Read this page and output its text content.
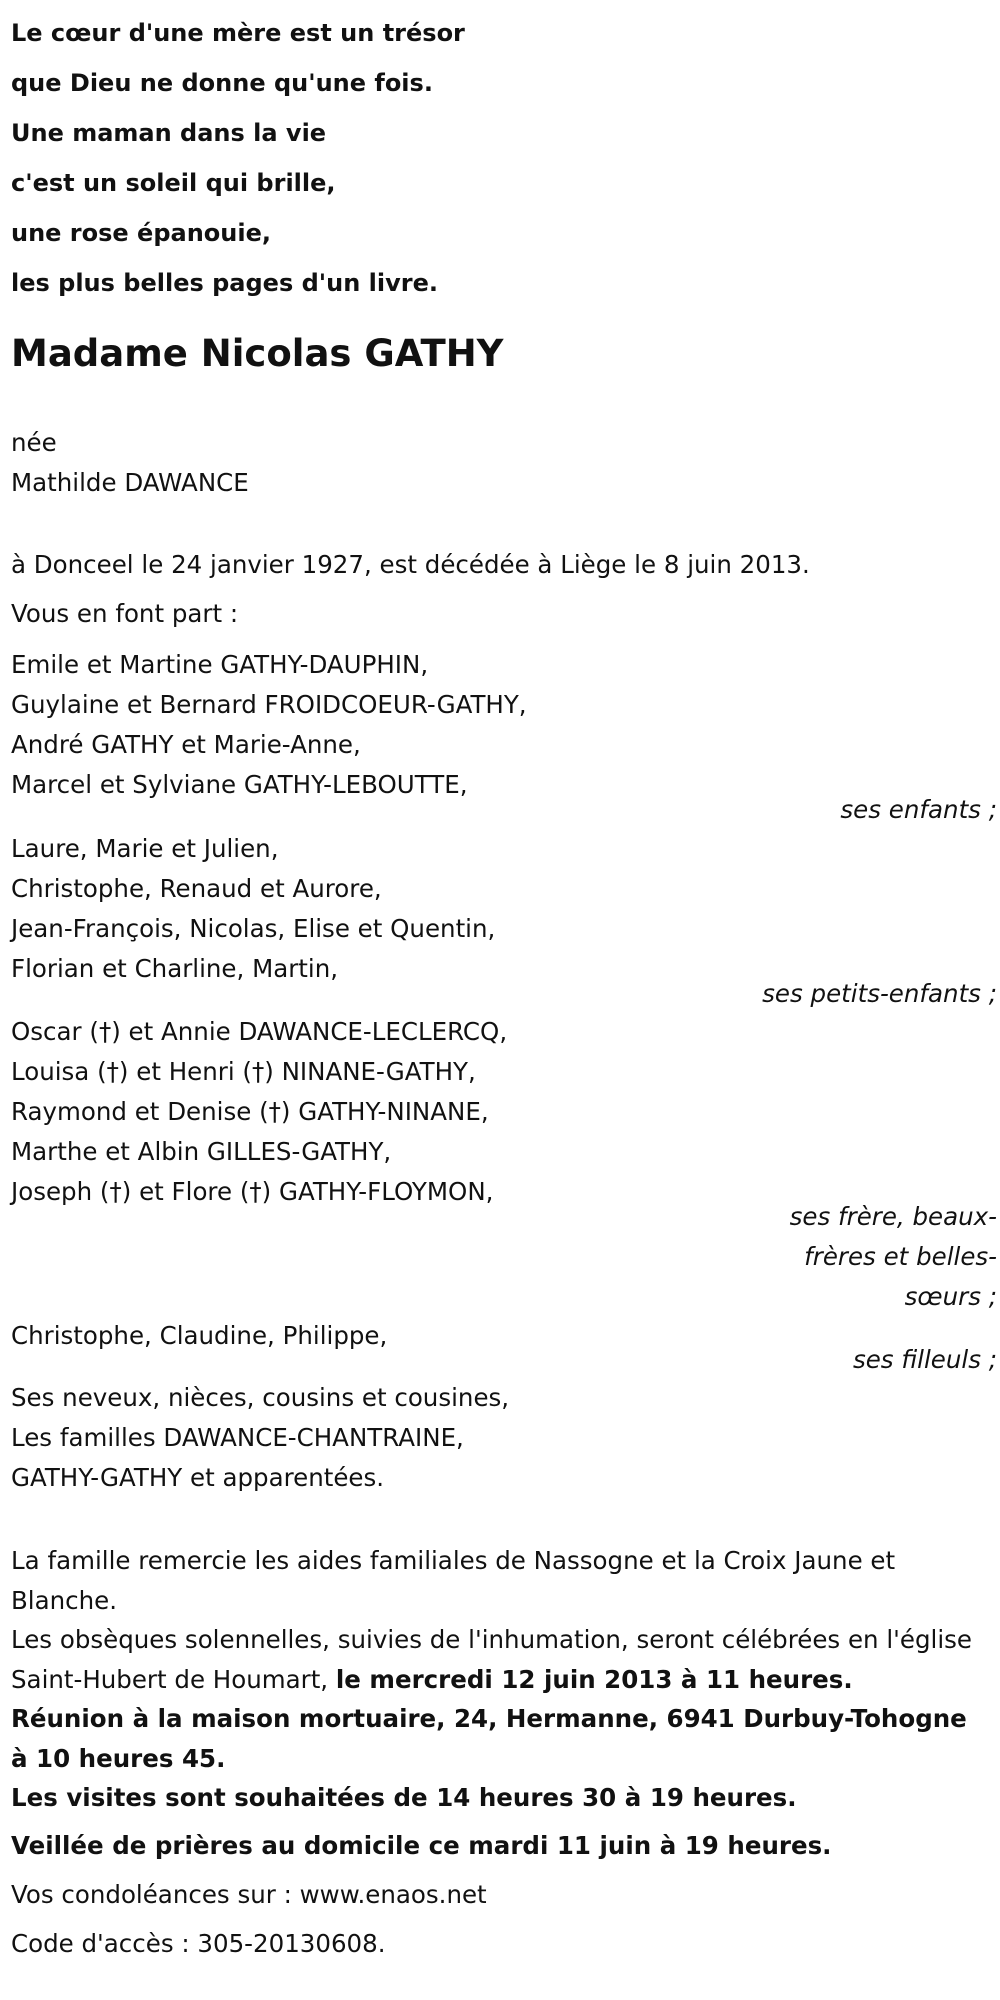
Le cœur d'une mère est un trésor
que Dieu ne donne qu'une fois.
Une maman dans la vie
c'est un soleil qui brille,
une rose épanouie,
les plus belles pages d'un livre.
Madame Nicolas GATHY
née
Mathilde DAWANCE
à Donceel le 24 janvier 1927, est décédée à Liège le 8 juin 2013.
Vous en font part :
Emile et Martine GATHY-DAUPHIN,
Guylaine et Bernard FROIDCOEUR-GATHY,
André GATHY et Marie-Anne,
Marcel et Sylviane GATHY-LEBOUTTE,
ses enfants ;
Laure, Marie et Julien,
Christophe, Renaud et Aurore,
Jean-François, Nicolas, Elise et Quentin,
Florian et Charline, Martin,
ses petits-enfants ;
Oscar (†) et Annie DAWANCE-LECLERCQ,
Louisa (†) et Henri (†) NINANE-GATHY,
Raymond et Denise (†) GATHY-NINANE,
Marthe et Albin GILLES-GATHY,
Joseph (†) et Flore (†) GATHY-FLOYMON,
ses frère, beaux-frères et belles-sœurs ;
Christophe, Claudine, Philippe,
ses filleuls ;
Ses neveux, nièces, cousins et cousines,
Les familles DAWANCE-CHANTRAINE,
GATHY-GATHY et apparentées.
La famille remercie les aides familiales de Nassogne et la Croix Jaune et Blanche.
Les obsèques solennelles, suivies de l'inhumation, seront célébrées en l'église Saint-Hubert de Houmart, le mercredi 12 juin 2013 à 11 heures.
Réunion à la maison mortuaire, 24, Hermanne, 6941 Durbuy-Tohogne à 10 heures 45.
Les visites sont souhaitées de 14 heures 30 à 19 heures.
Veillée de prières au domicile ce mardi 11 juin à 19 heures.
Vos condoléances sur : www.enaos.net
Code d'accès : 305-20130608.
